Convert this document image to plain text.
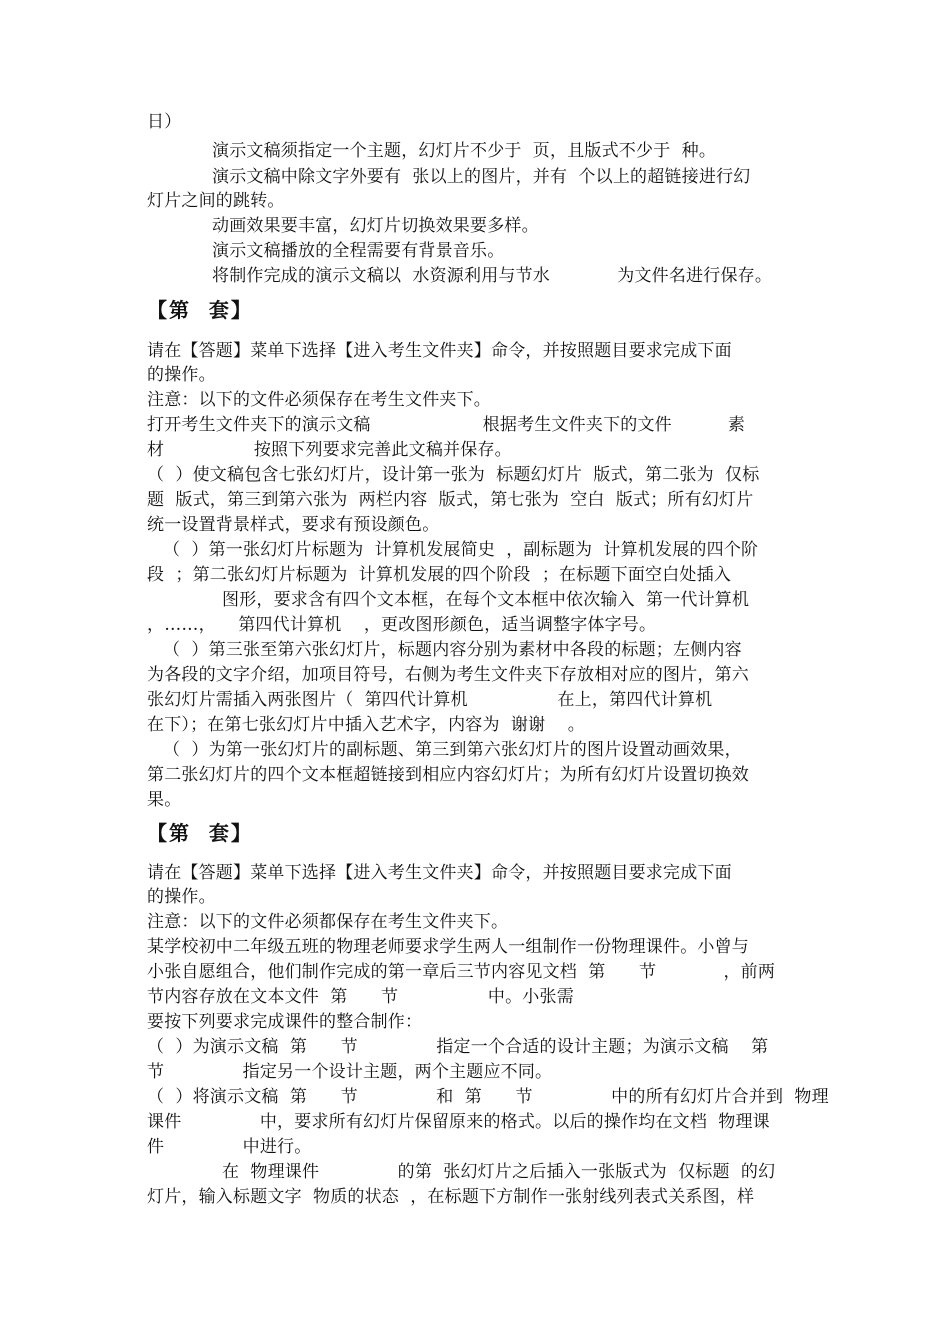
日）
演示文稿须指定一个主题，幻灯片不少于  页，且版式不少于  种。
演示文稿中除文字外要有  张以上的图片，并有  个以上的超链接进行幻
灯片之间的跳转。
动画效果要丰富，幻灯片切换效果要多样。
演示文稿播放的全程需要有背景音乐。
将制作完成的演示文稿以  水资源利用与节水            为文件名进行保存。
【第  套】
请在【答题】菜单下选择【进入考生文件夹】命令，并按照题目要求完成下面
的操作。
注意：以下的文件必须保存在考生文件夹下。
打开考生文件夹下的演示文稿                    根据考生文件夹下的文件          素
材                按照下列要求完善此文稿并保存。
（  ）使文稿包含七张幻灯片，设计第一张为  标题幻灯片  版式，第二张为  仅标
题  版式，第三到第六张为  两栏内容  版式，第七张为  空白  版式；所有幻灯片
统一设置背景样式，要求有预设颜色。
（  ）第一张幻灯片标题为  计算机发展简史  ，副标题为  计算机发展的四个阶
段  ；第二张幻灯片标题为  计算机发展的四个阶段  ；在标题下面空白处插入
图形，要求含有四个文本框，在每个文本框中依次输入  第一代计算机
，……，    第四代计算机    ，更改图形颜色，适当调整字体字号。
（  ）第三张至第六张幻灯片，标题内容分别为素材中各段的标题；左侧内容
为各段的文字介绍，加项目符号，右侧为考生文件夹下存放相对应的图片，第六
张幻灯片需插入两张图片（  第四代计算机                在上，第四代计算机
在下）；在第七张幻灯片中插入艺术字，内容为  谢谢    。
（  ）为第一张幻灯片的副标题、第三到第六张幻灯片的图片设置动画效果，
第二张幻灯片的四个文本框超链接到相应内容幻灯片；为所有幻灯片设置切换效
果。
【第  套】
请在【答题】菜单下选择【进入考生文件夹】命令，并按照题目要求完成下面
的操作。
注意：以下的文件必须都保存在考生文件夹下。
某学校初中二年级五班的物理老师要求学生两人一组制作一份物理课件。小曾与
小张自愿组合，他们制作完成的第一章后三节内容见文档  第      节            ，前两
节内容存放在文本文件  第      节                中。小张需
要按下列要求完成课件的整合制作：
（  ）为演示文稿  第      节              指定一个合适的设计主题；为演示文稿    第
节              指定另一个设计主题，两个主题应不同。
（  ）将演示文稿  第      节              和  第      节              中的所有幻灯片合并到  物理
课件              中，要求所有幻灯片保留原来的格式。以后的操作均在文档  物理课
件              中进行。
在  物理课件              的第  张幻灯片之后插入一张版式为  仅标题  的幻
灯片，输入标题文字  物质的状态  ，在标题下方制作一张射线列表式关系图，样
